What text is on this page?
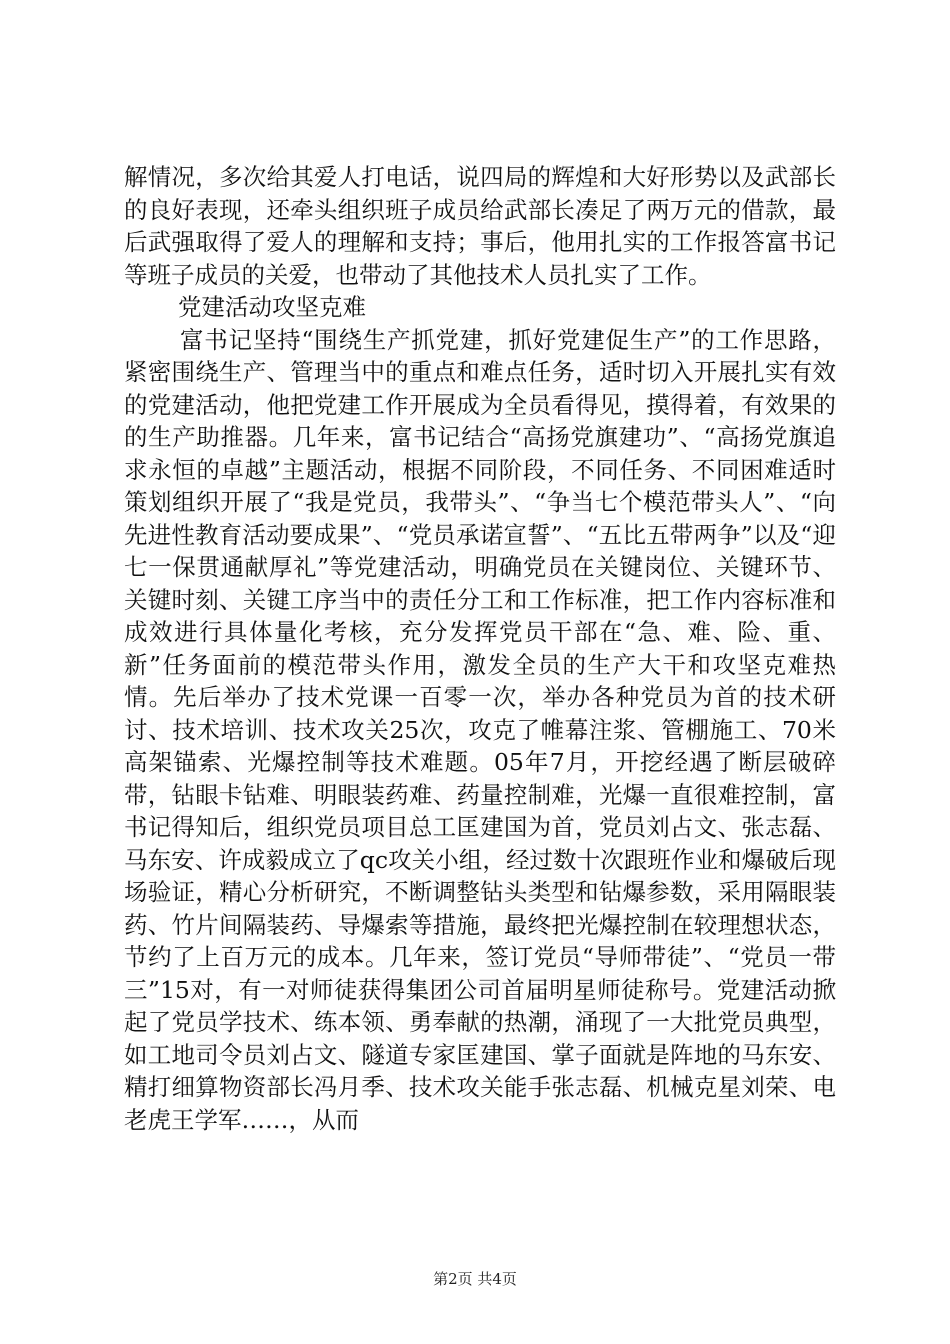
解情况，多次给其爱人打电话，说四局的辉煌和大好形势以及武部长的良好表现，还牵头组织班子成员给武部长凑足了两万元的借款，最后武强取得了爱人的理解和支持；事后，他用扎实的工作报答富书记等班子成员的关爱，也带动了其他技术人员扎实了工作。

党建活动攻坚克难

富书记坚持“围绕生产抓党建，抓好党建促生产”的工作思路，紧密围绕生产、管理当中的重点和难点任务，适时切入开展扎实有效的党建活动，他把党建工作开展成为全员看得见，摸得着，有效果的的生产助推器。几年来，富书记结合“高扬党旗建功”、“高扬党旗追求永恒的卓越”主题活动，根据不同阶段，不同任务、不同困难适时策划组织开展了“我是党员，我带头”、“争当七个模范带头人”、“向先进性教育活动要成果”、“党员承诺宣誓”、“五比五带两争”以及“迎七一保贯通献厚礼”等党建活动，明确党员在关键岗位、关键环节、关键时刻、关键工序当中的责任分工和工作标准，把工作内容标准和成效进行具体量化考核，充分发挥党员干部在“急、难、险、重、新”任务面前的模范带头作用，激发全员的生产大干和攻坚克难热情。先后举办了技术党课一百零一次，举办各种党员为首的技术研讨、技术培训、技术攻关25次，攻克了帷幕注浆、管棚施工、70米高架锚索、光爆控制等技术难题。05年7月，开挖经遇了断层破碎带，钻眼卡钻难、明眼装药难、药量控制难，光爆一直很难控制，富书记得知后，组织党员项目总工匡建国为首，党员刘占文、张志磊、马东安、许成毅成立了qc攻关小组，经过数十次跟班作业和爆破后现场验证，精心分析研究，不断调整钻头类型和钻爆参数，采用隔眼装药、竹片间隔装药、导爆索等措施，最终把光爆控制在较理想状态，节约了上百万元的成本。几年来，签订党员“导师带徒”、“党员一带三”15对，有一对师徒获得集团公司首届明星师徒称号。党建活动掀起了党员学技术、练本领、勇奉献的热潮，涌现了一大批党员典型，如工地司令员刘占文、隧道专家匡建国、掌子面就是阵地的马东安、精打细算物资部长冯月季、技术攻关能手张志磊、机械克星刘荣、电老虎王学军……，从而

第2页 共4页
